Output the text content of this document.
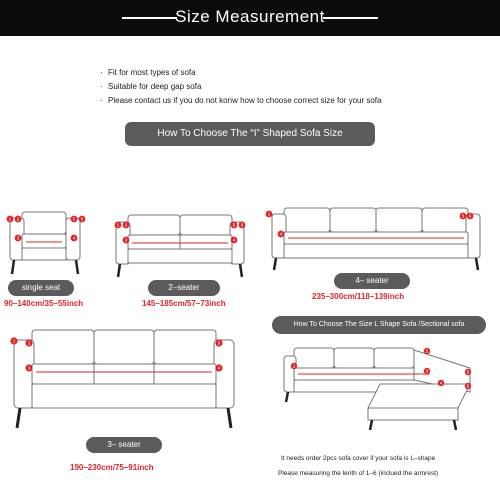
Size Measurement
· Fit for most types of sofa
· Suitable for deep gap sofa
· Please contact us if you do not konw how to choose correct size for your sofa
How To Choose The “I” Shaped Sofa Size
1 2	5 6
3	4
1 2	5 6
3	4
1
4
5 6
1	2
3
5
4	1
2
3
4
5
6
single seat
90–140cm/35–55inch
2–seater
145–185cm/57–73inch
4– seater
235–300cm/118–139inch
3– seater
190–230cm/75–91inch
How To Choose The Size L Shape Sofa /Sectional sofa
It needs order 2pcs sofa cover if your sofa is L–shape
Please measuring the lenth of 1–6 (inclued the armrest)
